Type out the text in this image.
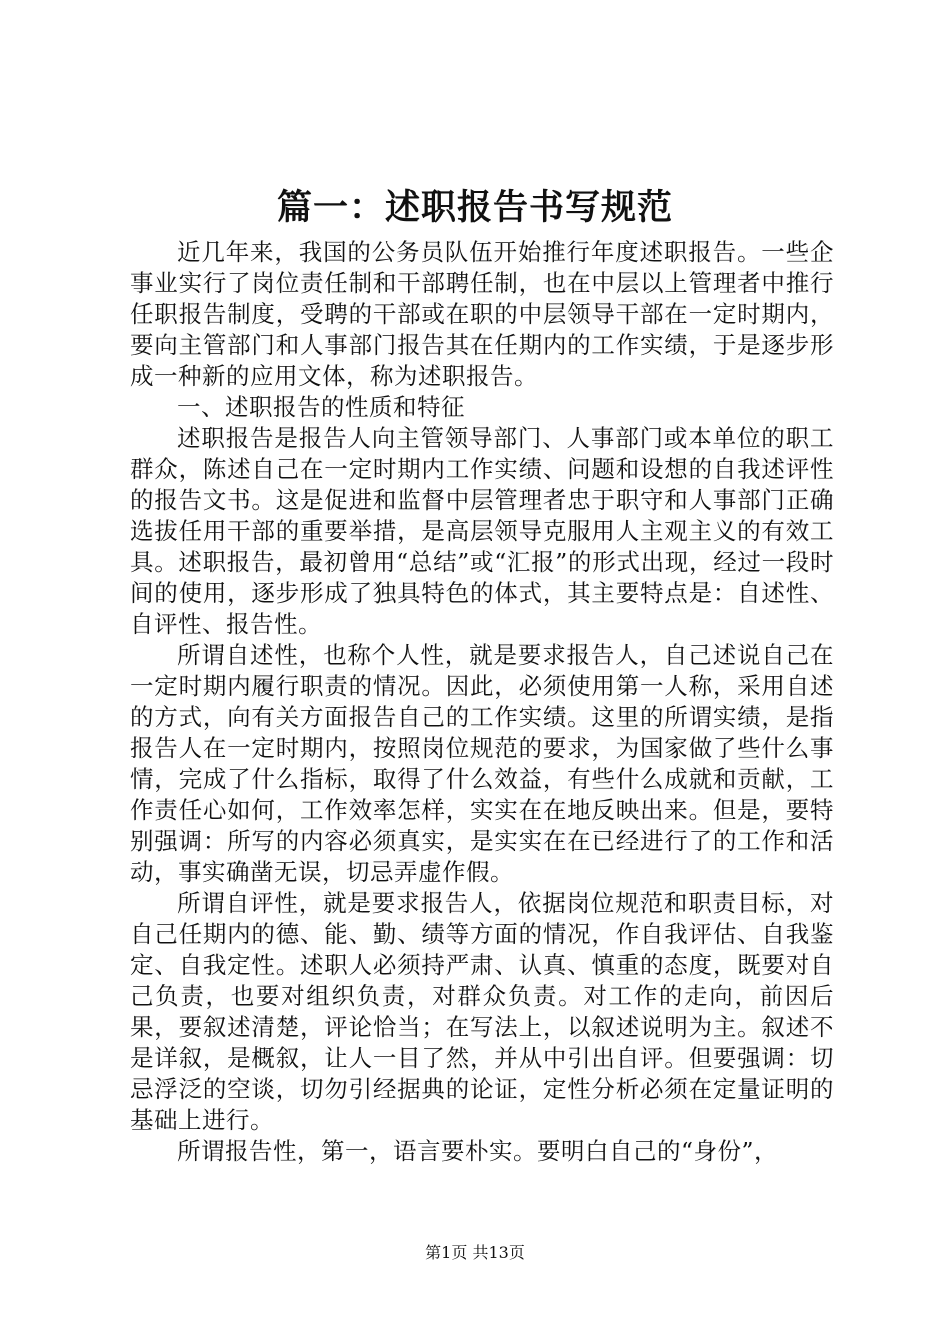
篇一：述职报告书写规范

近几年来，我国的公务员队伍开始推行年度述职报告。一些企事业实行了岗位责任制和干部聘任制，也在中层以上管理者中推行任职报告制度，受聘的干部或在职的中层领导干部在一定时期内，要向主管部门和人事部门报告其在任期内的工作实绩，于是逐步形成一种新的应用文体，称为述职报告。

一、述职报告的性质和特征

述职报告是报告人向主管领导部门、人事部门或本单位的职工群众，陈述自己在一定时期内工作实绩、问题和设想的自我述评性的报告文书。这是促进和监督中层管理者忠于职守和人事部门正确选拔任用干部的重要举措，是高层领导克服用人主观主义的有效工具。述职报告，最初曾用“总结”或“汇报”的形式出现，经过一段时间的使用，逐步形成了独具特色的体式，其主要特点是：自述性、自评性、报告性。

所谓自述性，也称个人性，就是要求报告人，自己述说自己在一定时期内履行职责的情况。因此，必须使用第一人称，采用自述的方式，向有关方面报告自己的工作实绩。这里的所谓实绩，是指报告人在一定时期内，按照岗位规范的要求，为国家做了些什么事情，完成了什么指标，取得了什么效益，有些什么成就和贡献，工作责任心如何，工作效率怎样，实实在在地反映出来。但是，要特别强调：所写的内容必须真实，是实实在在已经进行了的工作和活动，事实确凿无误，切忌弄虚作假。

所谓自评性，就是要求报告人，依据岗位规范和职责目标，对自己任期内的德、能、勤、绩等方面的情况，作自我评估、自我鉴定、自我定性。述职人必须持严肃、认真、慎重的态度，既要对自己负责，也要对组织负责，对群众负责。对工作的走向，前因后果，要叙述清楚，评论恰当；在写法上，以叙述说明为主。叙述不是详叙，是概叙，让人一目了然，并从中引出自评。但要强调：切忌浮泛的空谈，切勿引经据典的论证，定性分析必须在定量证明的基础上进行。

所谓报告性，第一，语言要朴实。要明白自己的“身份”，

第1页 共13页
